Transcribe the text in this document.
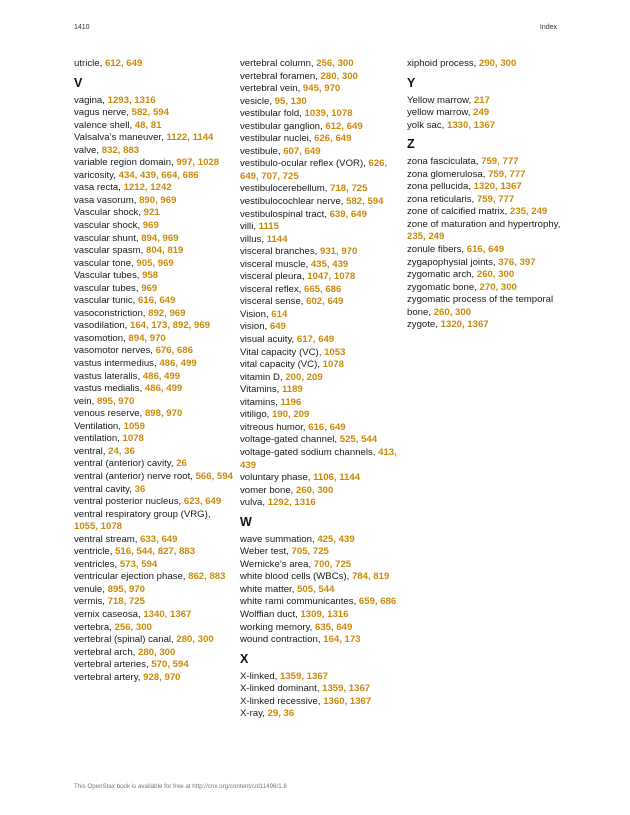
1410	Index
utricle, 612, 649
V
vagina, 1293, 1316
vagus nerve, 582, 594
valence shell, 48, 81
Valsalva’s maneuver, 1122, 1144
valve, 832, 883
variable region domain, 997, 1028
varicosity, 434, 439, 664, 686
vasa recta, 1212, 1242
vasa vasorum, 890, 969
Vascular shock, 921
vascular shock, 969
vascular shunt, 894, 969
vascular spasm, 804, 819
vascular tone, 905, 969
Vascular tubes, 958
vascular tubes, 969
vascular tunic, 616, 649
vasoconstriction, 892, 969
vasodilation, 164, 173, 892, 969
vasomotion, 894, 970
vasomotor nerves, 676, 686
vastus intermedius, 486, 499
vastus lateralis, 486, 499
vastus medialis, 486, 499
vein, 895, 970
venous reserve, 898, 970
Ventilation, 1059
ventilation, 1078
ventral, 24, 36
ventral (anterior) cavity, 26
ventral (anterior) nerve root, 566, 594
ventral cavity, 36
ventral posterior nucleus, 623, 649
ventral respiratory group (VRG), 1055, 1078
ventral stream, 633, 649
ventricle, 516, 544, 827, 883
ventricles, 573, 594
ventricular ejection phase, 862, 883
venule, 895, 970
vermis, 718, 725
vernix caseosa, 1340, 1367
vertebra, 256, 300
vertebral (spinal) canal, 280, 300
vertebral arch, 280, 300
vertebral arteries, 570, 594
vertebral artery, 928, 970
vertebral column, 256, 300
vertebral foramen, 280, 300
vertebral vein, 945, 970
vesicle, 95, 130
vestibular fold, 1039, 1078
vestibular ganglion, 612, 649
vestibular nuclei, 626, 649
vestibule, 607, 649
vestibulo-ocular reflex (VOR), 626, 649, 707, 725
vestibulocerebellum, 718, 725
vestibulocochlear nerve, 582, 594
vestibulospinal tract, 639, 649
villi, 1115
villus, 1144
visceral branches, 931, 970
visceral muscle, 435, 439
visceral pleura, 1047, 1078
visceral reflex, 665, 686
visceral sense, 602, 649
Vision, 614
vision, 649
visual acuity, 617, 649
Vital capacity (VC), 1053
vital capacity (VC), 1078
vitamin D, 200, 209
Vitamins, 1189
vitamins, 1196
vitiligo, 190, 209
vitreous humor, 616, 649
voltage-gated channel, 525, 544
voltage-gated sodium channels, 413, 439
voluntary phase, 1106, 1144
vomer bone, 260, 300
vulva, 1292, 1316
W
wave summation, 425, 439
Weber test, 705, 725
Wernicke’s area, 700, 725
white blood cells (WBCs), 784, 819
white matter, 505, 544
white rami communicantes, 659, 686
Wolffian duct, 1309, 1316
working memory, 635, 649
wound contraction, 164, 173
X
X-linked, 1359, 1367
X-linked dominant, 1359, 1367
X-linked recessive, 1360, 1367
X-ray, 29, 36
xiphoid process, 290, 300
Y
Yellow marrow, 217
yellow marrow, 249
yolk sac, 1330, 1367
Z
zona fasciculata, 759, 777
zona glomerulosa, 759, 777
zona pellucida, 1320, 1367
zona reticularis, 759, 777
zone of calcified matrix, 235, 249
zone of maturation and hypertrophy, 235, 249
zonule fibers, 616, 649
zygapophysial joints, 376, 397
zygomatic arch, 260, 300
zygomatic bone, 270, 300
zygomatic process of the temporal bone, 260, 300
zygote, 1320, 1367
This OpenStax book is available for free at http://cnx.org/content/col11496/1.8
